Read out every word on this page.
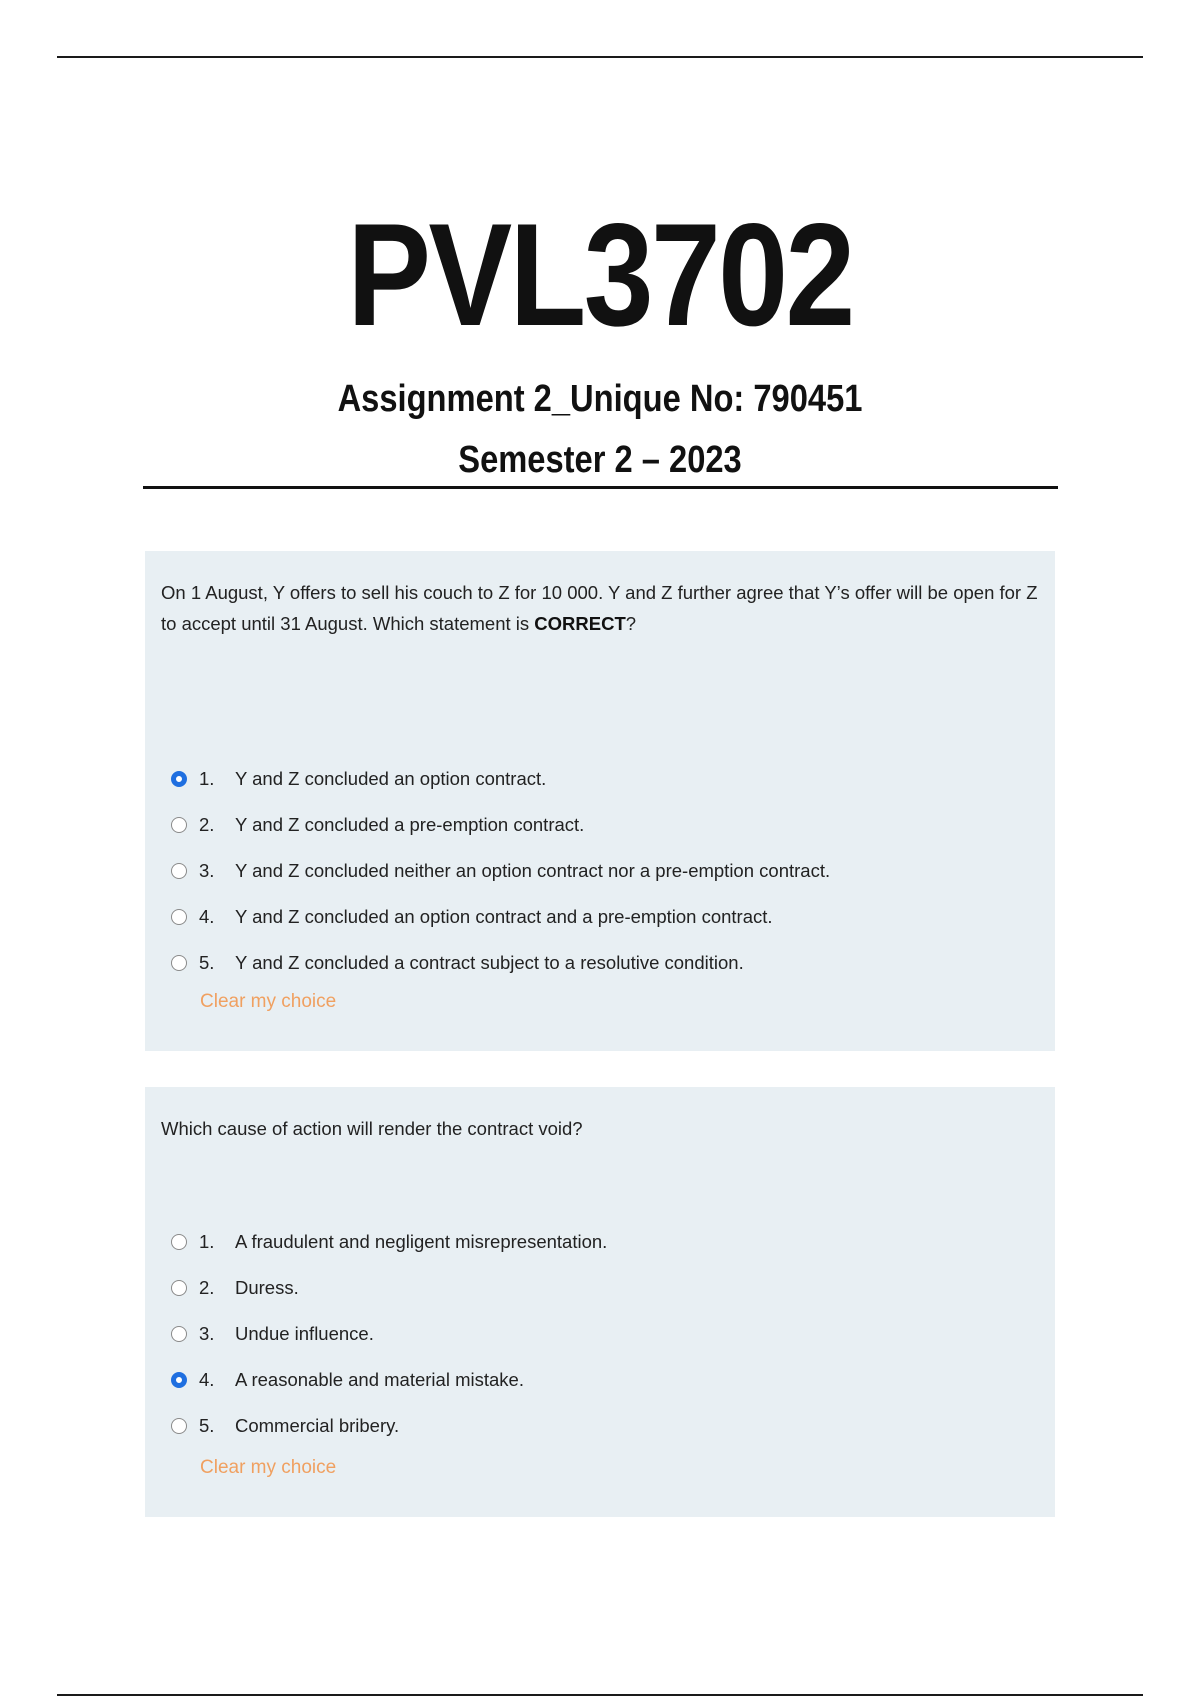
PVL3702
Assignment 2_Unique No: 790451
Semester 2 – 2023
On 1 August, Y offers to sell his couch to Z for 10 000. Y and Z further agree that Y’s offer will be open for Z to accept until 31 August. Which statement is CORRECT?
1.	Y and Z concluded an option contract.
2.	Y and Z concluded a pre-emption contract.
3.	Y and Z concluded neither an option contract nor a pre-emption contract.
4.	Y and Z concluded an option contract and a pre-emption contract.
5.	Y and Z concluded a contract subject to a resolutive condition.
Clear my choice
Which cause of action will render the contract void?
1.	A fraudulent and negligent misrepresentation.
2.	Duress.
3.	Undue influence.
4.	A reasonable and material mistake.
5.	Commercial bribery.
Clear my choice
